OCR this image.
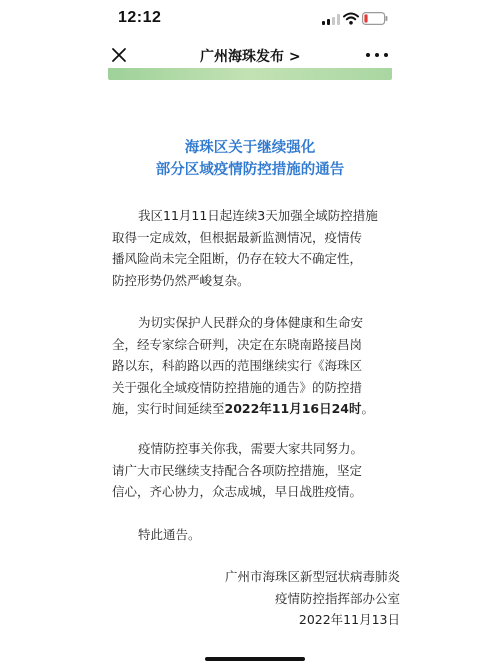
12:12
广州海珠发布 >
海珠区关于继续强化
部分区域疫情防控措施的通告
我区11月11日起连续3天加强全域防控措施
取得一定成效，但根据最新监测情况，疫情传
播风险尚未完全阻断，仍存在较大不确定性，
防控形势仍然严峻复杂。
为切实保护人民群众的身体健康和生命安
全，经专家综合研判，决定在东晓南路接昌岗
路以东，科韵路以西的范围继续实行《海珠区
关于强化全域疫情防控措施的通告》的防控措
施，实行时间延续至2022年11月16日24时。
疫情防控事关你我，需要大家共同努力。
请广大市民继续支持配合各项防控措施，坚定
信心，齐心协力，众志成城，早日战胜疫情。
特此通告。
广州市海珠区新型冠状病毒肺炎
疫情防控指挥部办公室
2022年11月13日
